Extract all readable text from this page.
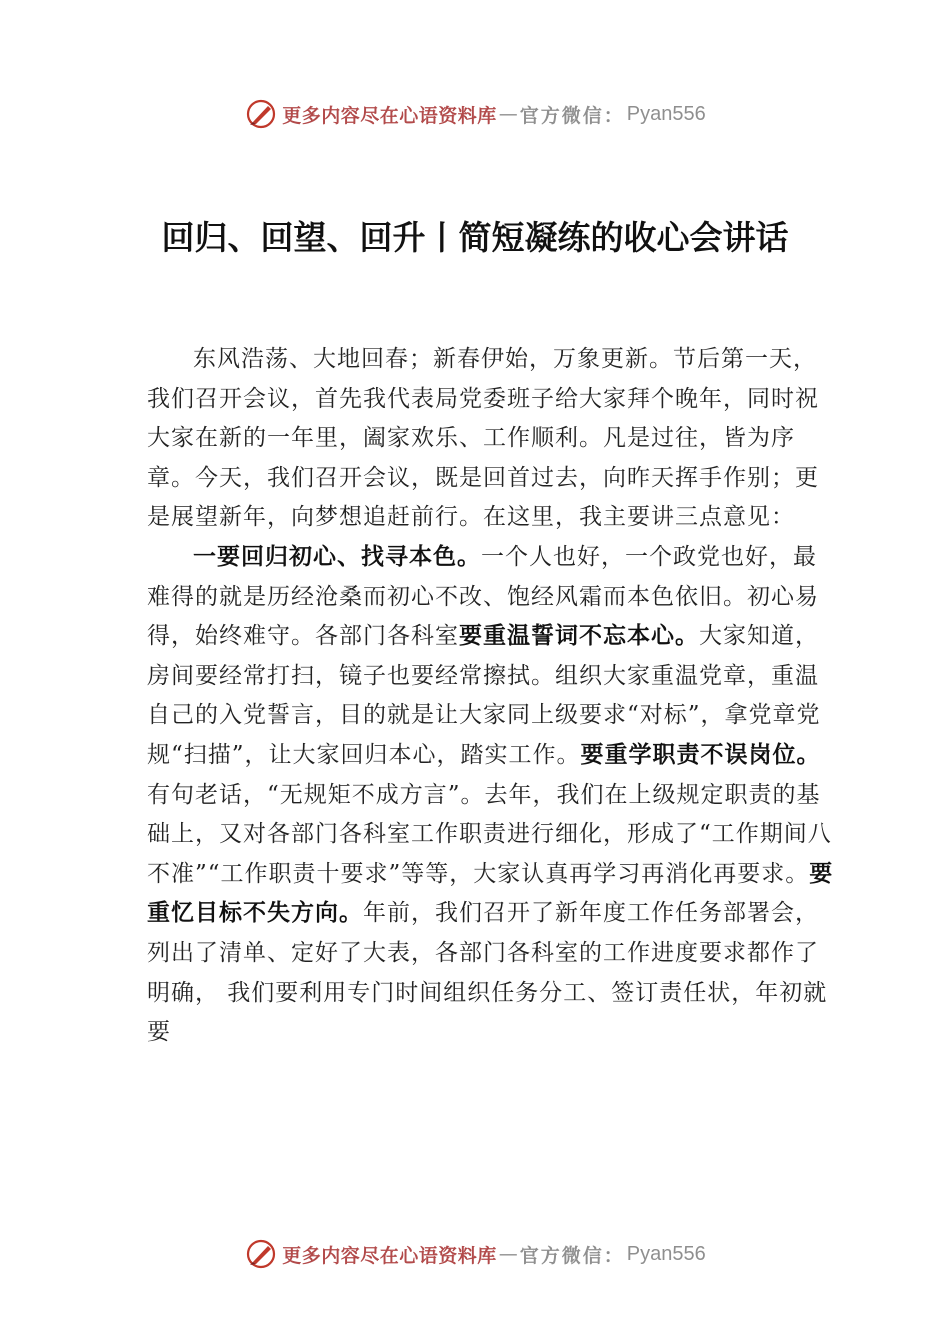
更多内容尽在心语资料库 — 官方微信： Pyan556
回归、回望、回升丨简短凝练的收心会讲话

东风浩荡、大地回春；新春伊始，万象更新。节后第一天，我们召开会议，首先我代表局党委班子给大家拜个晚年，同时祝大家在新的一年里，阖家欢乐、工作顺利。凡是过往，皆为序章。今天，我们召开会议，既是回首过去，向昨天挥手作别；更是展望新年，向梦想追赶前行。在这里，我主要讲三点意见：

一要回归初心、找寻本色。一个人也好，一个政党也好，最难得的就是历经沧桑而初心不改、饱经风霜而本色依旧。初心易得，始终难守。各部门各科室要重温誓词不忘本心。大家知道，房间要经常打扫，镜子也要经常擦拭。组织大家重温党章，重温自己的入党誓言，目的就是让大家同上级要求“对标”，拿党章党规“扫描”，让大家回归本心，踏实工作。要重学职责不误岗位。有句老话，“无规矩不成方言”。去年，我们在上级规定职责的基础上，又对各部门各科室工作职责进行细化，形成了“工作期间八不准”“工作职责十要求”等等，大家认真再学习再消化再要求。要重忆目标不失方向。年前，我们召开了新年度工作任务部署会，列出了清单、定好了大表，各部门各科室的工作进度要求都作了明确， 我们要利用专门时间组织任务分工、签订责任状，年初就要

更多内容尽在心语资料库 — 官方微信： Pyan556
